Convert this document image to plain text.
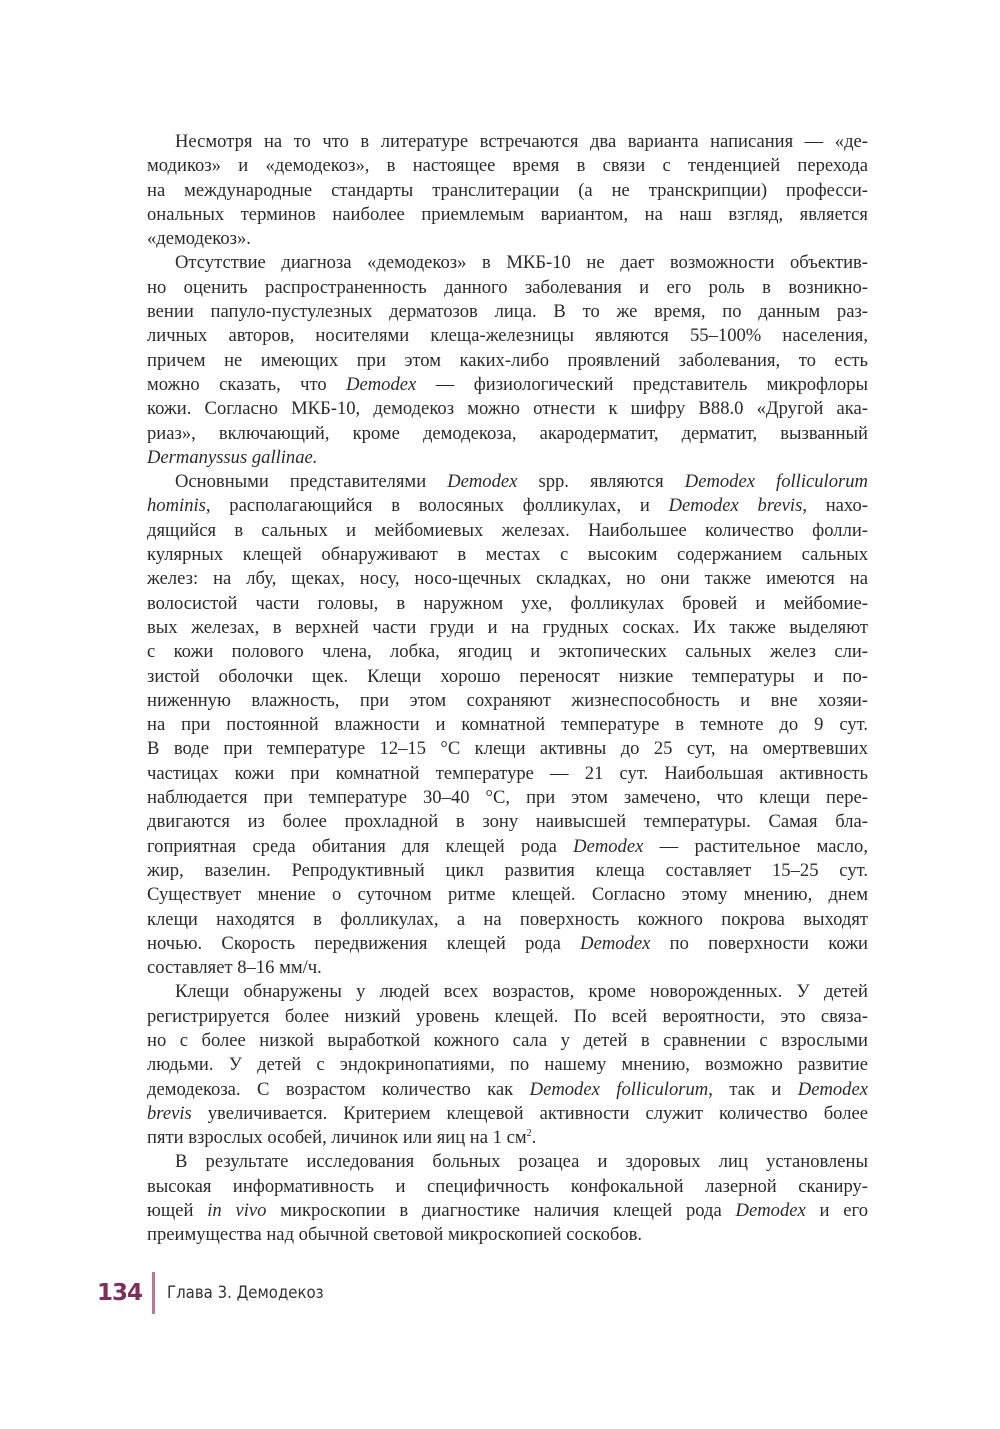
Несмотря на то что в литературе встречаются два варианта написания — «де-
модикоз» и «демодекоз», в настоящее время в связи с тенденцией перехода
на международные стандарты транслитерации (а не транскрипции) професси-
ональных терминов наиболее приемлемым вариантом, на наш взгляд, является
«демодекоз».
Отсутствие диагноза «демодекоз» в МКБ-10 не дает возможности объектив-
но оценить распространенность данного заболевания и его роль в возникно-
вении папуло-пустулезных дерматозов лица. В то же время, по данным раз-
личных авторов, носителями клеща-железницы являются 55–100% населения,
причем не имеющих при этом каких-либо проявлений заболевания, то есть
можно сказать, что Demodex — физиологический представитель микрофлоры
кожи. Согласно МКБ-10, демодекоз можно отнести к шифру B88.0 «Другой ака-
риаз», включающий, кроме демодекоза, акародерматит, дерматит, вызванный
Dermanyssus gallinae.
Основными представителями Demodex spp. являются Demodex folliculorum
hominis, располагающийся в волосяных фолликулах, и Demodex brevis, нахо-
дящийся в сальных и мейбомиевых железах. Наибольшее количество фолли-
кулярных клещей обнаруживают в местах с высоким содержанием сальных
желез: на лбу, щеках, носу, носо-щечных складках, но они также имеются на
волосистой части головы, в наружном ухе, фолликулах бровей и мейбомие-
вых железах, в верхней части груди и на грудных сосках. Их также выделяют
с кожи полового члена, лобка, ягодиц и эктопических сальных желез сли-
зистой оболочки щек. Клещи хорошо переносят низкие температуры и по-
ниженную влажность, при этом сохраняют жизнеспособность и вне хозяи-
на при постоянной влажности и комнатной температуре в темноте до 9 сут.
В воде при температуре 12–15 °С клещи активны до 25 сут, на омертвевших
частицах кожи при комнатной температуре — 21 сут. Наибольшая активность
наблюдается при температуре 30–40 °С, при этом замечено, что клещи пере-
двигаются из более прохладной в зону наивысшей температуры. Самая бла-
гоприятная среда обитания для клещей рода Demodex — растительное масло,
жир, вазелин. Репродуктивный цикл развития клеща составляет 15–25 сут.
Существует мнение о суточном ритме клещей. Согласно этому мнению, днем
клещи находятся в фолликулах, а на поверхность кожного покрова выходят
ночью. Скорость передвижения клещей рода Demodex по поверхности кожи
составляет 8–16 мм/ч.
Клещи обнаружены у людей всех возрастов, кроме новорожденных. У детей
регистрируется более низкий уровень клещей. По всей вероятности, это связа-
но с более низкой выработкой кожного сала у детей в сравнении с взрослыми
людьми. У детей с эндокринопатиями, по нашему мнению, возможно развитие
демодекоза. С возрастом количество как Demodex folliculorum, так и Demodex
brevis увеличивается. Критерием клещевой активности служит количество более
пяти взрослых особей, личинок или яиц на 1 $см^2$.
В результате исследования больных розацеа и здоровых лиц установлены
высокая информативность и специфичность конфокальной лазерной сканиру-
ющей in vivo микроскопии в диагностике наличия клещей рода Demodex и его
преимущества над обычной световой микроскопией соскобов.
134 Глава 3. Демодекоз
